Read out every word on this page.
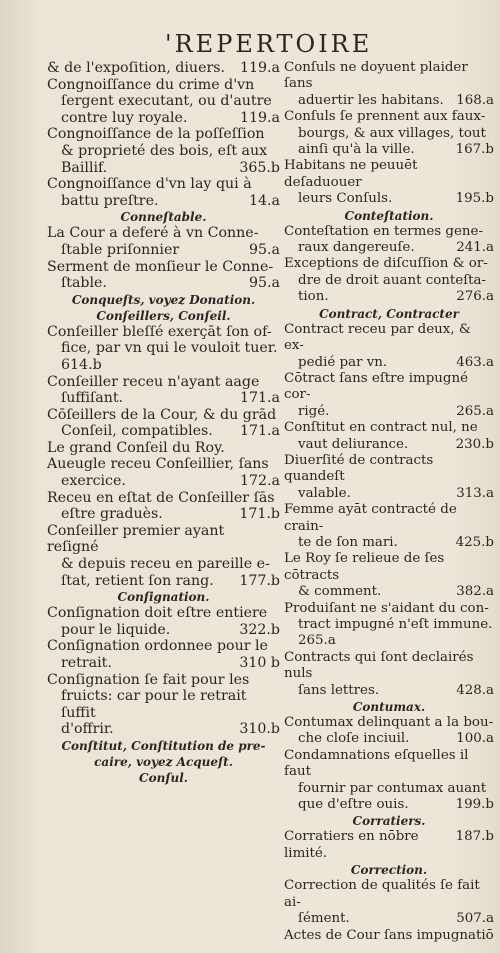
'REPERTOIRE
& de l'expoſition, diuers. 119.a
Congnoiſſance du crime d'vn
ſergent executant, ou d'autre
contre luy royale.	119.a
Congnoiſſance de la poſſeſſion
& proprieté des bois, eſt aux
Baillif.	365.b
Congnoiſſance d'vn lay qui à
battu preſtre.	14.a
Conneſtable.
La Cour a deferé à vn Conne-
ſtable priſonnier	95.a
Serment de monſieur le Conne-
ſtable.	95.a
Conqueſts, voyez Donation.
Conſeillers, Conſeil.
Conſeiller bleſſé exerçāt ſon of-
fice, par vn qui le vouloit tuer.
614.b
Conſeiller receu n'ayant aage
ſuffiſant.	171.a
Cōſeillers de la Cour, & du grād
Conſeil, compatibles. 171.a
Le grand Conſeil du Roy.
Aueugle receu Conſeillier, ſans
exercice.	172.a
Receu en eſtat de Conſeiller ſās
eſtre graduès.	171.b
Conſeiller premier ayant reſigné
& depuis receu en pareille e-
ſtat, retient ſon rang. 177.b
Conſignation.
Conſignation doit eſtre entiere
pour le liquide.	322.b
Conſignation ordonnee pour le
retrait.	310 b
Conſignation ſe fait pour les
fruicts: car pour le retrait ſuffit
d'offrir.	310.b
Conſtitut, Conſtitution de pre-
caire, voyez Acqueſt.
Conſul.
Conſuls ne doyuent plaider ſans
aduertir les habitans. 168.a
Conſuls ſe prennent aux faux-
bourgs, & aux villages, tout
ainſi qu'à la ville.	167.b
Habitans ne peuuēt deſaduouer
leurs Conſuls.	195.b
Conteſtation.
Conteſtation en termes gene-
raux dangereuſe.	241.a
Exceptions de diſcuſſion & or-
dre de droit auant conteſta-
tion.	276.a
Contract, Contracter
Contract receu par deux, & ex-
pedié par vn.	463.a
Cōtract ſans eſtre impugné cor-
rigé.	265.a
Conſtitut en contract nul, ne
vaut deliurance.	230.b
Diuerſité de contracts quandeſt
valable.	313.a
Femme ayāt contracté de crain-
te de ſon mari.	425.b
Le Roy ſe relieue de ſes cōtracts
& comment.	382.a
Produiſant ne s'aidant du con-
tract impugné n'eſt immune.
265.a
Contracts qui ſont declairés nuls
ſans lettres.	428.a
Contumax.
Contumax delinquant a la bou-
che cloſe inciuil.	100.a
Condamnations eſquelles il faut
fournir par contumax auant
que d'eſtre ouis.	199.b
Corratiers.
Corratiers en nōbre limité.
187.b
Correction.
Correction de qualités ſe fait ai-
ſément.	507.a
Actes de Cour ſans impugnatiō
